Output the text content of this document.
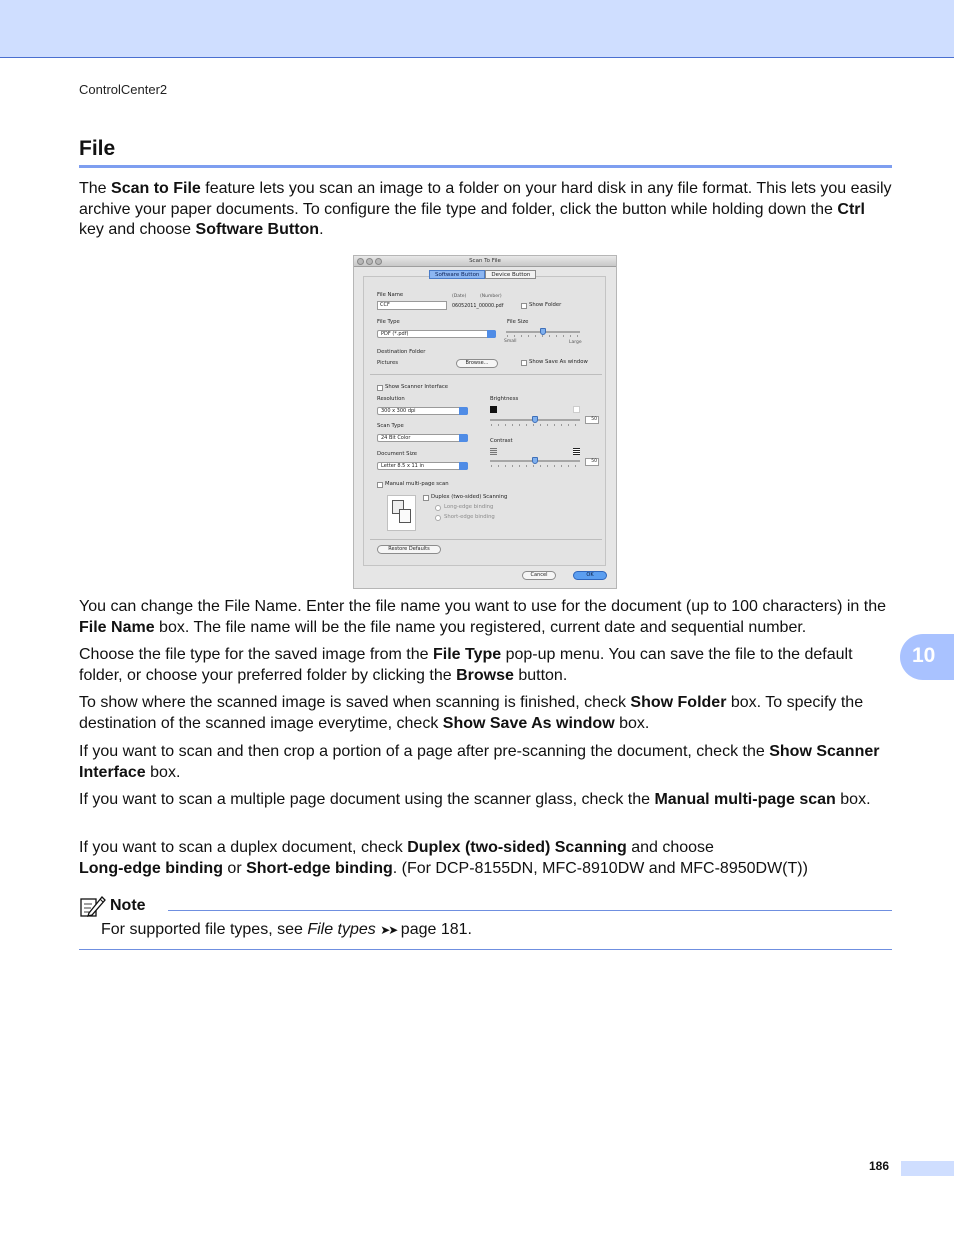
ControlCenter2
File

The Scan to File feature lets you scan an image to a folder on your hard disk in any file format. This lets you easily archive your paper documents. To configure the file type and folder, click the button while holding down the Ctrl key and choose Software Button.

Scan To File
File Name	(Date)	(Number)
CCF	06052011_00000.pdf	Show Folder
File Type
PDF (*.pdf)
File Size
Small	Large
Destination Folder
Pictures	Browse...	Show Save As window
Show Scanner Interface
Resolution
300 x 300 dpi
Brightness
50
Scan Type
24 Bit Color	Contrast
50
Document Size
Letter 8.5 x 11 in
Manual multi-page scan
Duplex (two-sided) Scanning
Long-edge binding
Short-edge binding
Restore Defaults
Software Button	Device Button
Cancel	OK

You can change the File Name. Enter the file name you want to use for the document (up to 100 characters) in the File Name box. The file name will be the file name you registered, current date and sequential number.

Choose the file type for the saved image from the File Type pop-up menu. You can save the file to the default folder, or choose your preferred folder by clicking the Browse button.

To show where the scanned image is saved when scanning is finished, check Show Folder box. To specify the destination of the scanned image everytime, check Show Save As window box.

If you want to scan and then crop a portion of a page after pre-scanning the document, check the Show Scanner Interface box.

If you want to scan a multiple page document using the scanner glass, check the Manual multi-page scan box.

If you want to scan a duplex document, check Duplex (two-sided) Scanning and choose
Long-edge binding or Short-edge binding. (For DCP-8155DN, MFC-8910DW and MFC-8950DW(T))

10
Note
For supported file types, see File types ➤➤ page 181.
186
